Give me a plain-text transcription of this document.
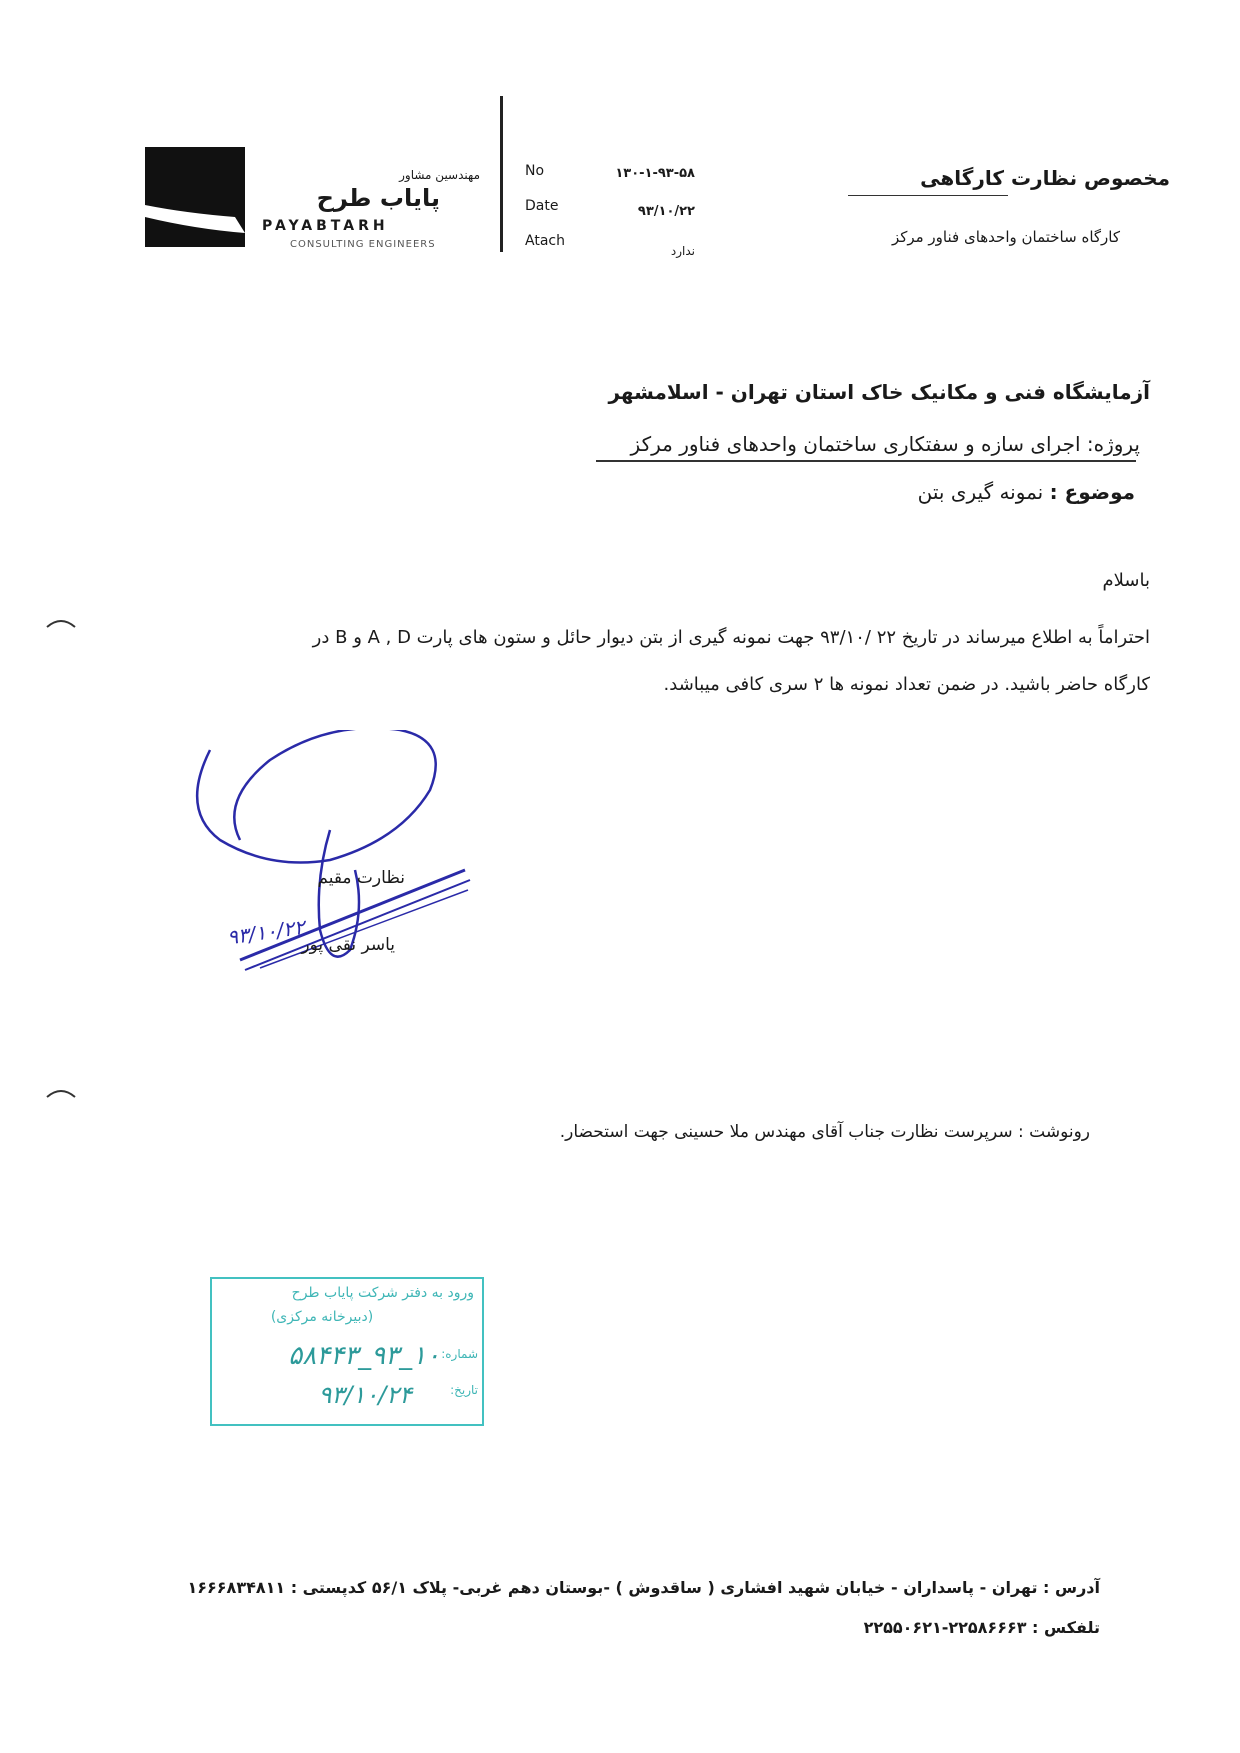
مهندسین مشاور
پایاب طرح
PAYABTARH
CONSULTING ENGINEERS
No	۱۳۰-۱-۹۳-۵۸
Date	۹۳/۱۰/۲۲
Atach
ندارد
مخصوص نظارت کارگاهی
کارگاه ساختمان واحدهای فناور مرکز
آزمایشگاه فنی و مکانیک خاک استان تهران - اسلامشهر
پروژه: اجرای سازه و سفتکاری ساختمان واحدهای فناور مرکز
موضوع : نمونه گیری بتن
باسلام
احتراماً به اطلاع میرساند در تاریخ ۲۲ /۹۳/۱۰ جهت نمونه گیری از بتن دیوار حائل و ستون های پارت A , D و B در
کارگاه حاضر باشید. در ضمن تعداد نمونه ها ۲ سری کافی میباشد.
نظارت مقیم
یاسر نقی پور
۹۳/۱۰/۲۲
رونوشت : سرپرست نظارت جناب آقای مهندس ملا حسینی جهت استحضار.
ورود به دفتر شرکت پایاب طرح
(دبیرخانه مرکزی)
شماره:
۱۰_۹۳_۵۸۴۴۳
تاریخ:
۹۳/۱۰/۲۴
آدرس : تهران - پاسداران - خیابان شهید افشاری ( ساقدوش ) -بوستان دهم غربی- پلاک ۵۶/۱ کدپستی : ۱۶۶۶۸۳۴۸۱۱
تلفکس : ۲۲۵۸۶۶۶۳-۲۲۵۵۰۶۲۱
